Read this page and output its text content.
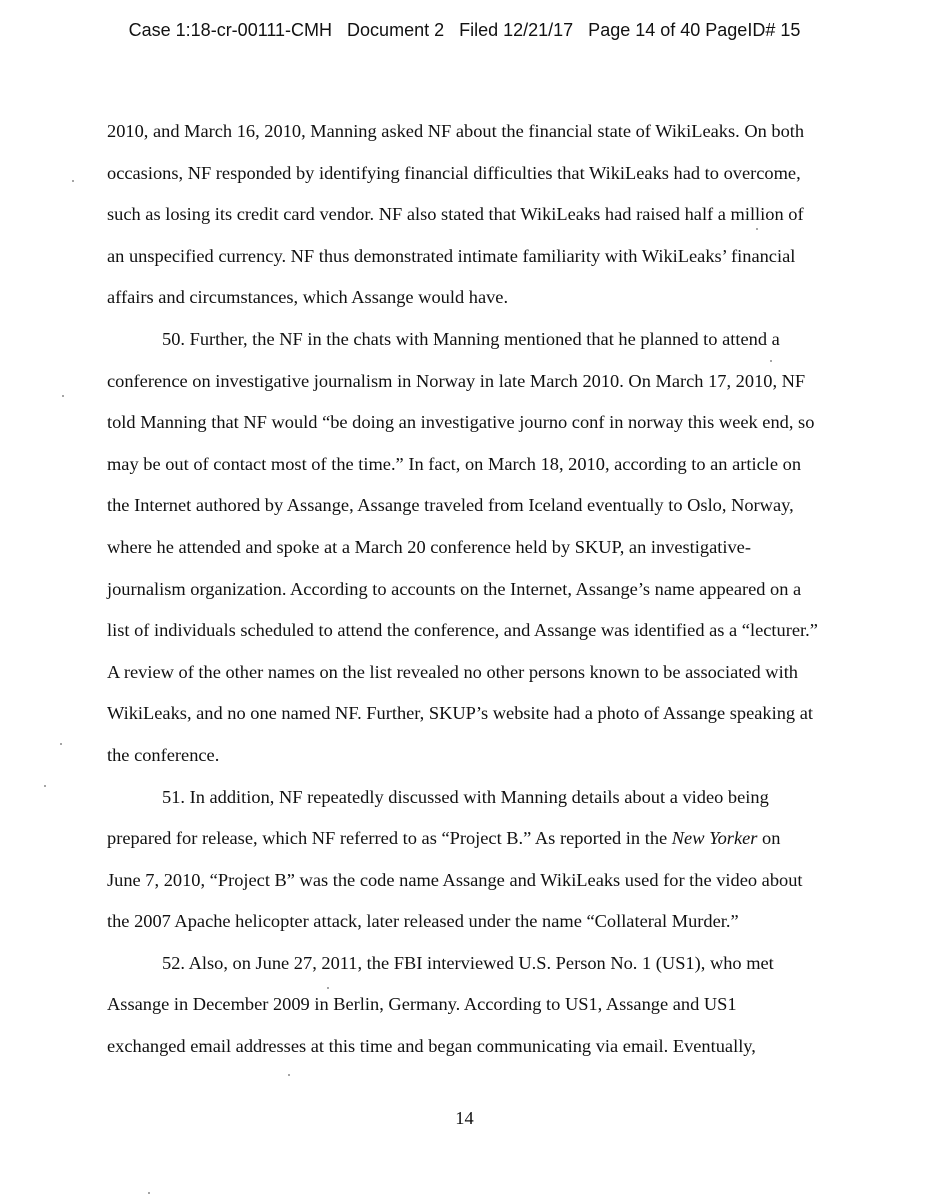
Case 1:18-cr-00111-CMH   Document 2   Filed 12/21/17   Page 14 of 40 PageID# 15
2010, and March 16, 2010, Manning asked NF about the financial state of WikiLeaks. On both
occasions, NF responded by identifying financial difficulties that WikiLeaks had to overcome,
such as losing its credit card vendor. NF also stated that WikiLeaks had raised half a million of
an unspecified currency. NF thus demonstrated intimate familiarity with WikiLeaks’ financial
affairs and circumstances, which Assange would have.
50. Further, the NF in the chats with Manning mentioned that he planned to attend a
conference on investigative journalism in Norway in late March 2010. On March 17, 2010, NF
told Manning that NF would “be doing an investigative journo conf in norway this week end, so
may be out of contact most of the time.” In fact, on March 18, 2010, according to an article on
the Internet authored by Assange, Assange traveled from Iceland eventually to Oslo, Norway,
where he attended and spoke at a March 20 conference held by SKUP, an investigative-
journalism organization. According to accounts on the Internet, Assange’s name appeared on a
list of individuals scheduled to attend the conference, and Assange was identified as a “lecturer.”
A review of the other names on the list revealed no other persons known to be associated with
WikiLeaks, and no one named NF. Further, SKUP’s website had a photo of Assange speaking at
the conference.
51. In addition, NF repeatedly discussed with Manning details about a video being
prepared for release, which NF referred to as “Project B.” As reported in the New Yorker on
June 7, 2010, “Project B” was the code name Assange and WikiLeaks used for the video about
the 2007 Apache helicopter attack, later released under the name “Collateral Murder.”
52. Also, on June 27, 2011, the FBI interviewed U.S. Person No. 1 (US1), who met
Assange in December 2009 in Berlin, Germany. According to US1, Assange and US1
exchanged email addresses at this time and began communicating via email. Eventually,
14
